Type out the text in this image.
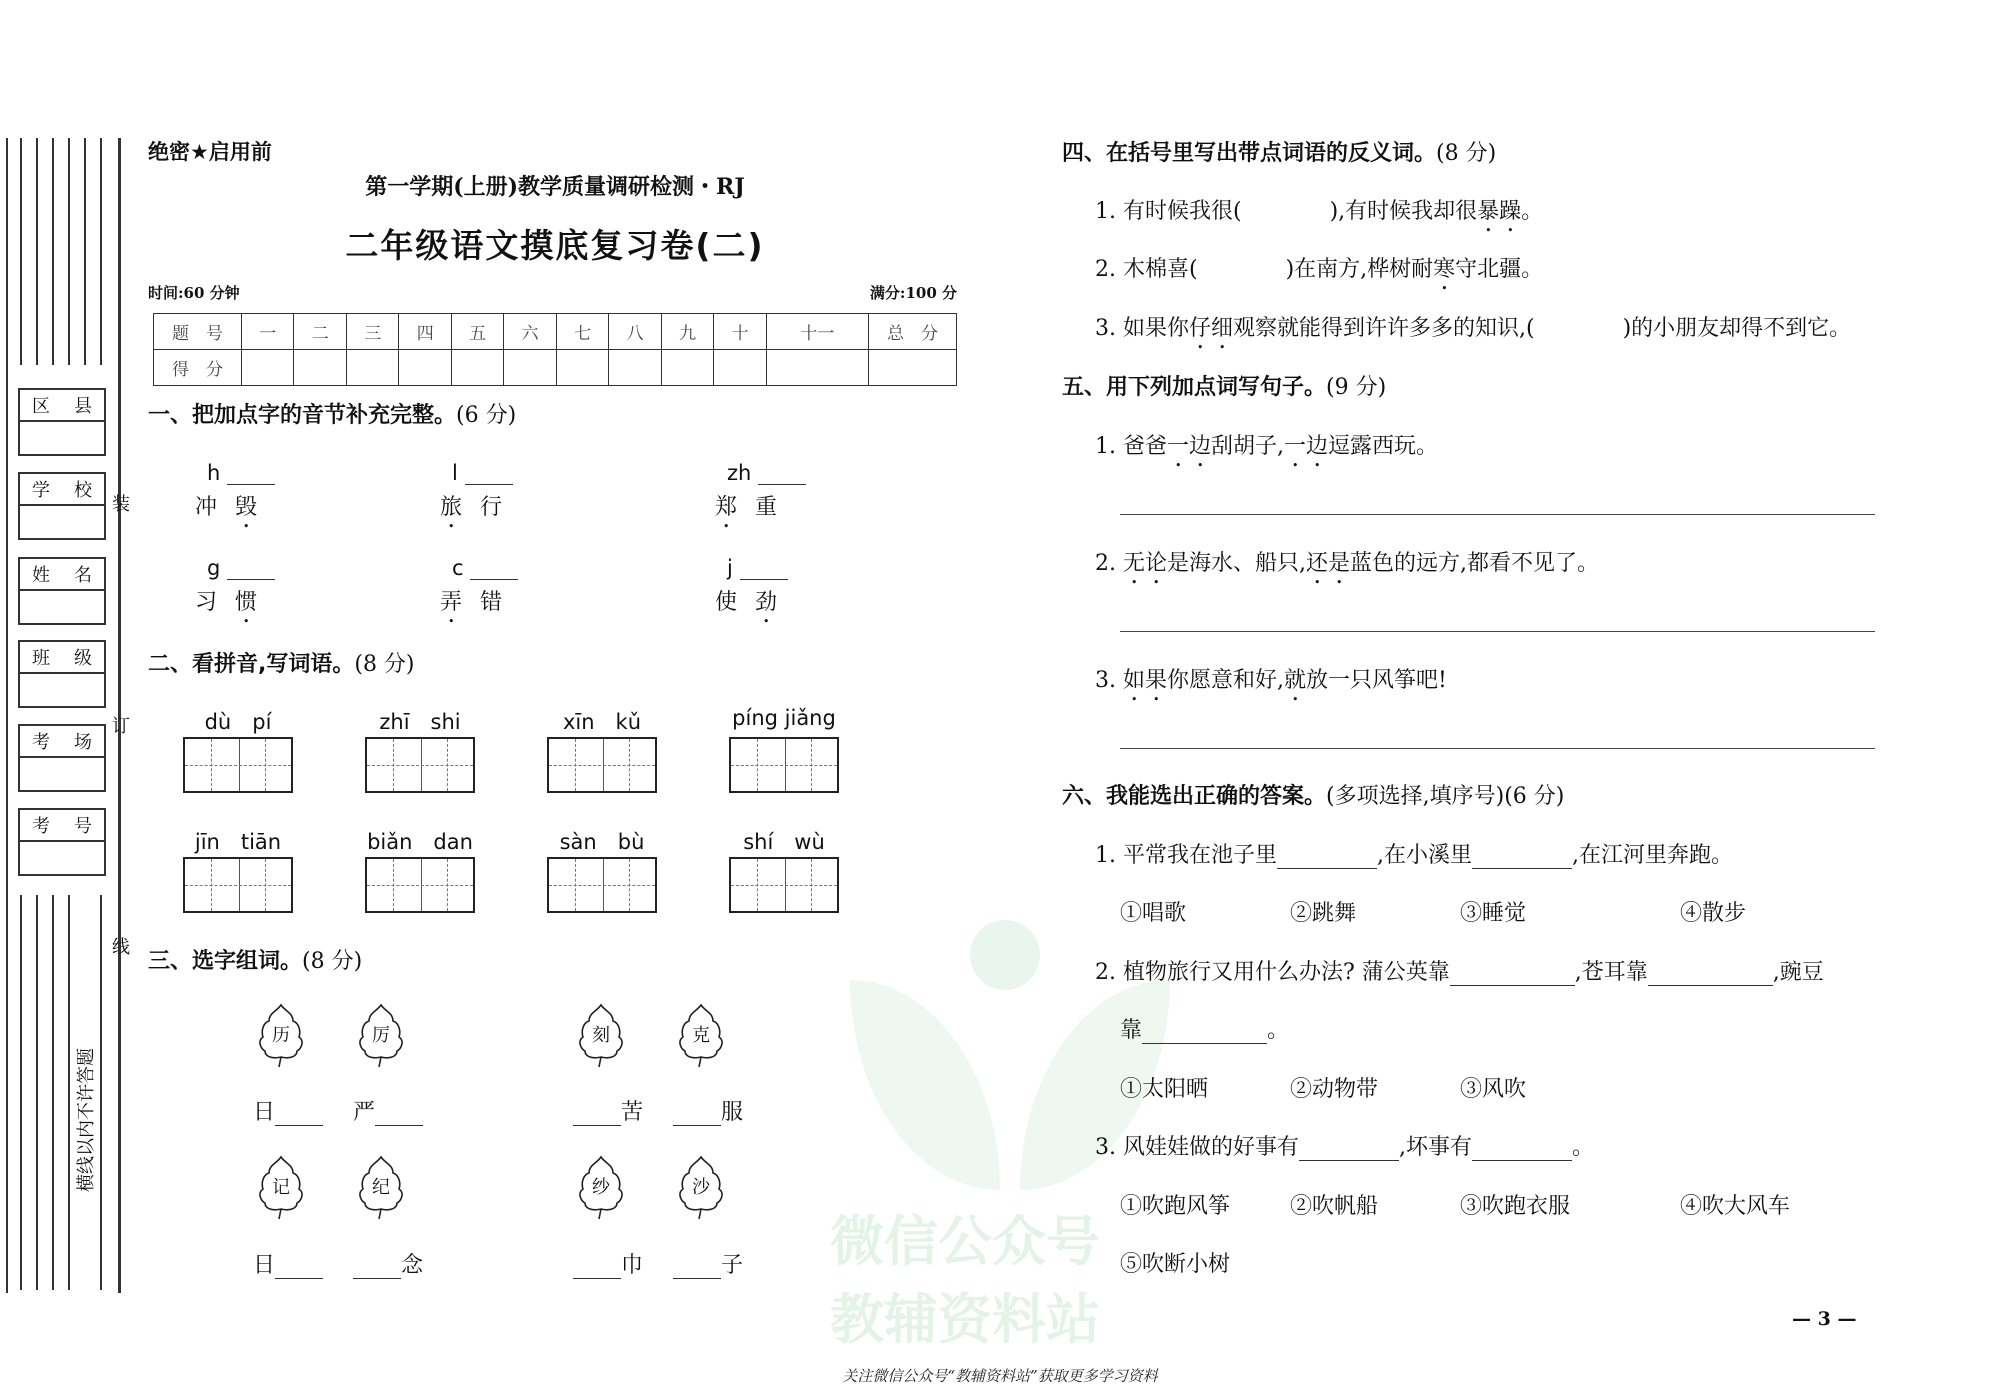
微信公众号
教辅资料站
横线以内不许答题
区 县
学 校
姓 名
班 级
考 场
考 号
装
订
线
绝密★启用前
第一学期(上册)教学质量调研检测・RJ
二年级语文摸底复习卷(二)
时间:60 分钟	满分:100 分
题　号	一	二	三	四	五	六	七	八	九	十	十一	总　分
得　分												
一、把加点字的音节补充完整。(6 分)
h
冲毁
l
旅行
zh
郑重
g
习惯
c
弄错
j
使劲
二、看拼音,写词语。(8 分)
dù　pí	zhī　shi	xīn　kǔ	píng jiǎng
jīn　tiān	biǎn　dan	sàn　bù	shí　wù
三、选字组词。(8 分)
历	厉	刻	克
记	纪	纱	沙
日	严	苦	服
日	念	巾	子
四、在括号里写出带点词语的反义词。(8 分)
1. 有时候我很(　　　　),有时候我却很暴躁。
2. 木棉喜(　　　　)在南方,桦树耐寒守北疆。
3. 如果你仔细观察就能得到许许多多的知识,(　　　　)的小朋友却得不到它。
五、用下列加点词写句子。(9 分)
1. 爸爸一边刮胡子,一边逗露西玩。
2. 无论是海水、船只,还是蓝色的远方,都看不见了。
3. 如果你愿意和好,就放一只风筝吧!
六、我能选出正确的答案。(多项选择,填序号)(6 分)
1. 平常我在池子里	,在小溪里	,在江河里奔跑。
①唱歌	②跳舞	③睡觉	④散步
2. 植物旅行又用什么办法? 蒲公英靠	,苍耳靠	,豌豆
靠	。
①太阳晒	②动物带	③风吹
3. 风娃娃做的好事有	,坏事有	。
①吹跑风筝	②吹帆船	③吹跑衣服	④吹大风车
⑤吹断小树
— 3 —
关注微信公众号“教辅资料站”获取更多学习资料
